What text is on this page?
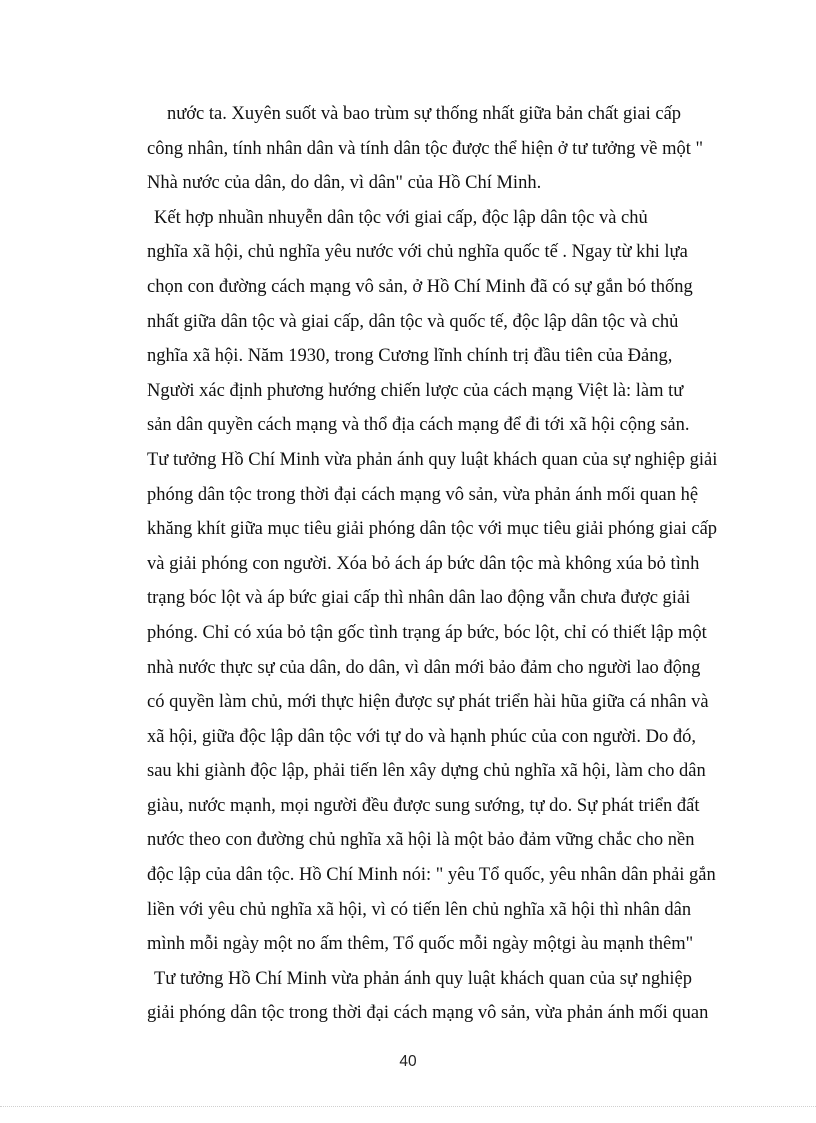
nước ta. Xuyên suốt và bao trùm sự thống nhất giữa bản chất giai cấp
công nhân, tính nhân dân và tính dân tộc được thể hiện ở tư tưởng về một "
Nhà nước của dân, do dân, vì dân" của Hồ Chí Minh.
Kết hợp nhuần nhuyễn dân tộc với giai cấp, độc lập dân tộc và chủ
nghĩa xã hội, chủ nghĩa yêu nước với chủ nghĩa quốc tế . Ngay từ khi lựa
chọn con đường cách mạng vô sản, ở Hồ Chí Minh đã có sự gắn bó thống
nhất giữa dân tộc và giai cấp, dân tộc và quốc tế, độc lập dân tộc và chủ
nghĩa xã hội. Năm 1930, trong Cương lĩnh chính trị đầu tiên của Đảng,
Người xác định phương hướng chiến lược của cách mạng Việt là: làm tư
sản dân quyền cách mạng và thổ địa cách mạng để đi tới xã hội cộng sản.
Tư tưởng Hồ Chí Minh vừa phản ánh quy luật khách quan của sự nghiệp giải
phóng dân tộc trong thời đại cách mạng vô sản, vừa phản ánh mối quan hệ
khăng khít giữa mục tiêu giải phóng dân tộc với mục tiêu giải phóng giai cấp
và giải phóng con người. Xóa bỏ ách áp bức dân tộc mà không xúa bỏ tình
trạng bóc lột và áp bức giai cấp thì nhân dân lao động vẫn chưa được giải
phóng. Chỉ có xúa bỏ tận gốc tình trạng áp bức, bóc lột, chỉ có thiết lập một
nhà nước thực sự của dân, do dân, vì dân mới bảo đảm cho người lao động
có quyền làm chủ, mới thực hiện được sự phát triển hài hũa giữa cá nhân và
xã hội, giữa độc lập dân tộc với tự do và hạnh phúc của con người. Do đó,
sau khi giành độc lập, phải tiến lên xây dựng chủ nghĩa xã hội, làm cho dân
giàu, nước mạnh, mọi người đều được sung sướng, tự do. Sự phát triển đất
nước theo con đường chủ nghĩa xã hội là một bảo đảm vững chắc cho nền
độc lập của dân tộc. Hồ Chí Minh nói: " yêu Tổ quốc, yêu nhân dân phải gắn
liền với yêu chủ nghĩa xã hội, vì có tiến lên chủ nghĩa xã hội thì nhân dân
mình mỗi ngày một no ấm thêm, Tổ quốc mỗi ngày mộtgi àu mạnh thêm"
Tư tưởng Hồ Chí Minh vừa phản ánh quy luật khách quan của sự nghiệp
giải phóng dân tộc trong thời đại cách mạng vô sản, vừa phản ánh mối quan
40
